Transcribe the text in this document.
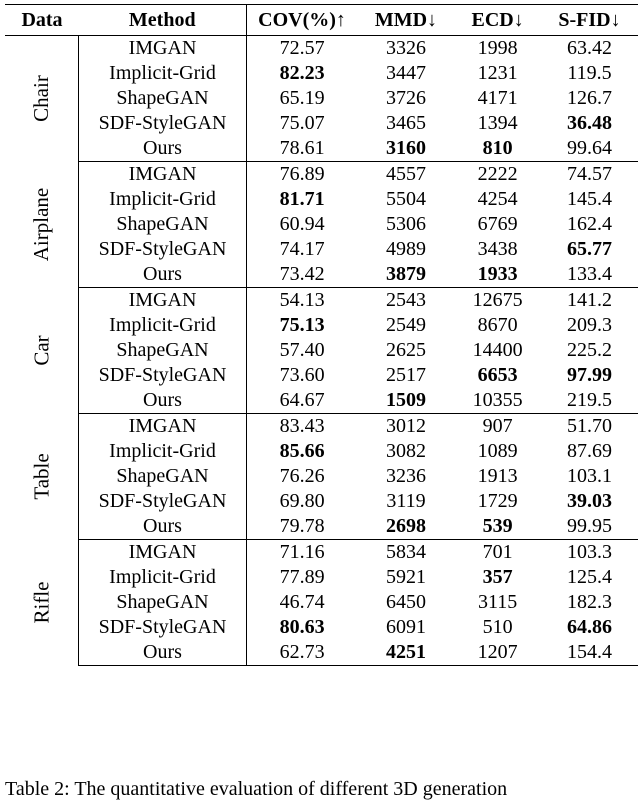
Data	Method	COV(%)↑	MMD↓	ECD↓	S-FID↓
Chair	IMGAN	72.57	3326	1998	63.42
	Implicit-Grid	82.23	3447	1231	119.5
	ShapeGAN	65.19	3726	4171	126.7
	SDF-StyleGAN	75.07	3465	1394	36.48
	Ours	78.61	3160	810	99.64
Airplane	IMGAN	76.89	4557	2222	74.57
	Implicit-Grid	81.71	5504	4254	145.4
	ShapeGAN	60.94	5306	6769	162.4
	SDF-StyleGAN	74.17	4989	3438	65.77
	Ours	73.42	3879	1933	133.4
Car	IMGAN	54.13	2543	12675	141.2
	Implicit-Grid	75.13	2549	8670	209.3
	ShapeGAN	57.40	2625	14400	225.2
	SDF-StyleGAN	73.60	2517	6653	97.99
	Ours	64.67	1509	10355	219.5
Table	IMGAN	83.43	3012	907	51.70
	Implicit-Grid	85.66	3082	1089	87.69
	ShapeGAN	76.26	3236	1913	103.1
	SDF-StyleGAN	69.80	3119	1729	39.03
	Ours	79.78	2698	539	99.95
Rifle	IMGAN	71.16	5834	701	103.3
	Implicit-Grid	77.89	5921	357	125.4
	ShapeGAN	46.74	6450	3115	182.3
	SDF-StyleGAN	80.63	6091	510	64.86
	Ours	62.73	4251	1207	154.4
Table 2: The quantitative evaluation of different 3D generation
